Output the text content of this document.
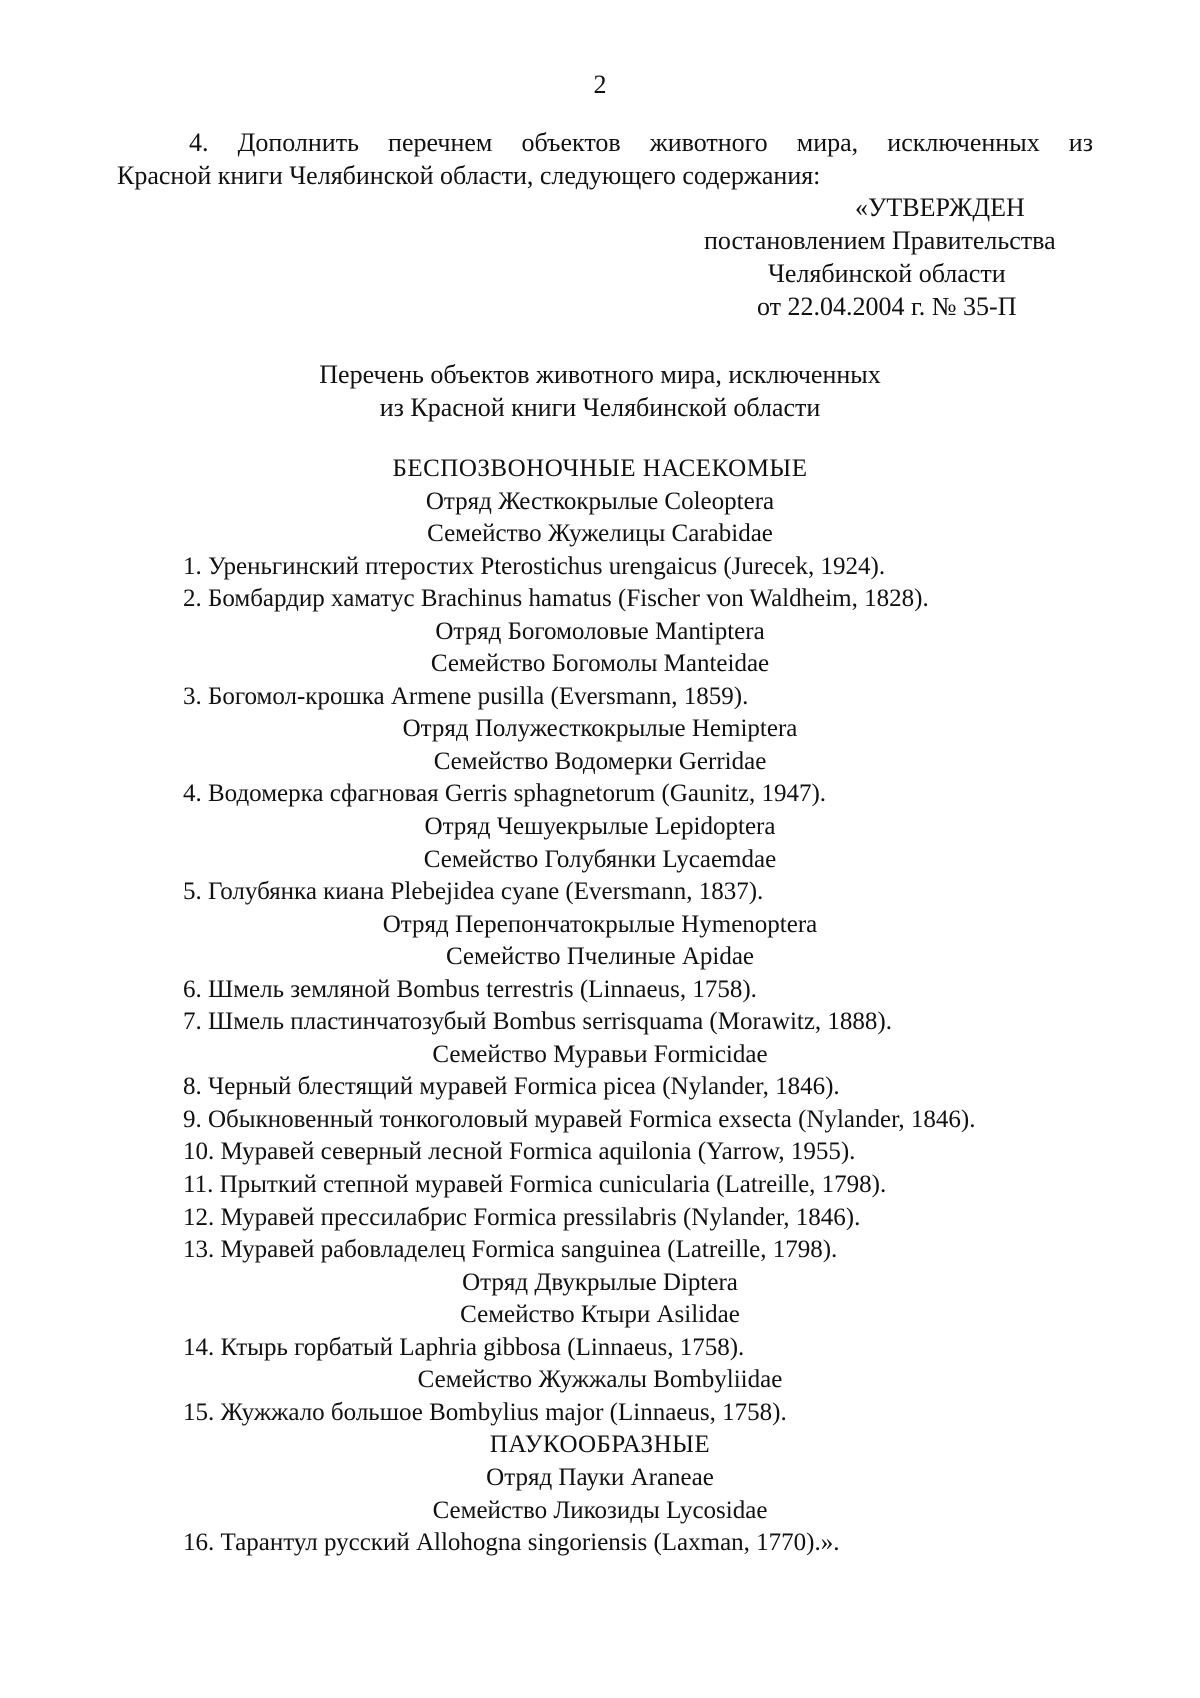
2
4. Дополнить перечнем объектов животного мира, исключенных из
Красной книги Челябинской области, следующего содержания:
«УТВЕРЖДЕН
постановлением Правительства
Челябинской области
от 22.04.2004 г. № 35-П
Перечень объектов животного мира, исключенных
из Красной книги Челябинской области
БЕСПОЗВОНОЧНЫЕ НАСЕКОМЫЕ
Отряд Жесткокрылые Coleoptera
Семейство Жужелицы Carabidae
1. Уреньгинский птеростих Pterostichus urengaicus (Jurecek, 1924).
2. Бомбардир хаматус Brachinus hamatus (Fischer von Waldheim, 1828).
Отряд Богомоловые Mantiptera
Семейство Богомолы Manteidae
3. Богомол-крошка Armene pusilla (Eversmann, 1859).
Отряд Полужесткокрылые Hemiptera
Семейство Водомерки Gerridae
4. Водомерка сфагновая Gerris sphagnetorum (Gaunitz, 1947).
Отряд Чешуекрылые Lepidoptera
Семейство Голубянки Lycaemdae
5. Голубянка киана Plebejidea cyane (Eversmann, 1837).
Отряд Перепончатокрылые Hymenoptera
Семейство Пчелиные Apidae
6. Шмель земляной Bombus terrestris (Linnaeus, 1758).
7. Шмель пластинчатозубый Bombus serrisquama (Morawitz, 1888).
Семейство Муравьи Formicidae
8. Черный блестящий муравей Formica picea (Nylander, 1846).
9. Обыкновенный тонкоголовый муравей Formica exsecta (Nylander, 1846).
10. Муравей северный лесной Formica aquilonia (Yarrow, 1955).
11. Прыткий степной муравей Formica cunicularia (Latreille, 1798).
12. Муравей прессилабрис Formica pressilabris (Nylander, 1846).
13. Муравей рабовладелец Formica sanguinea (Latreille, 1798).
Отряд Двукрылые Diptera
Семейство Ктыри Asilidae
14. Ктырь горбатый Laphria gibbosa (Linnaeus, 1758).
Семейство Жужжалы Bombyliidae
15. Жужжало большое Bombylius major (Linnaeus, 1758).
ПАУКООБРАЗНЫЕ
Отряд Пауки Araneae
Семейство Ликозиды Lycosidae
16. Тарантул русский Allohogna singoriensis (Laxman, 1770).».
